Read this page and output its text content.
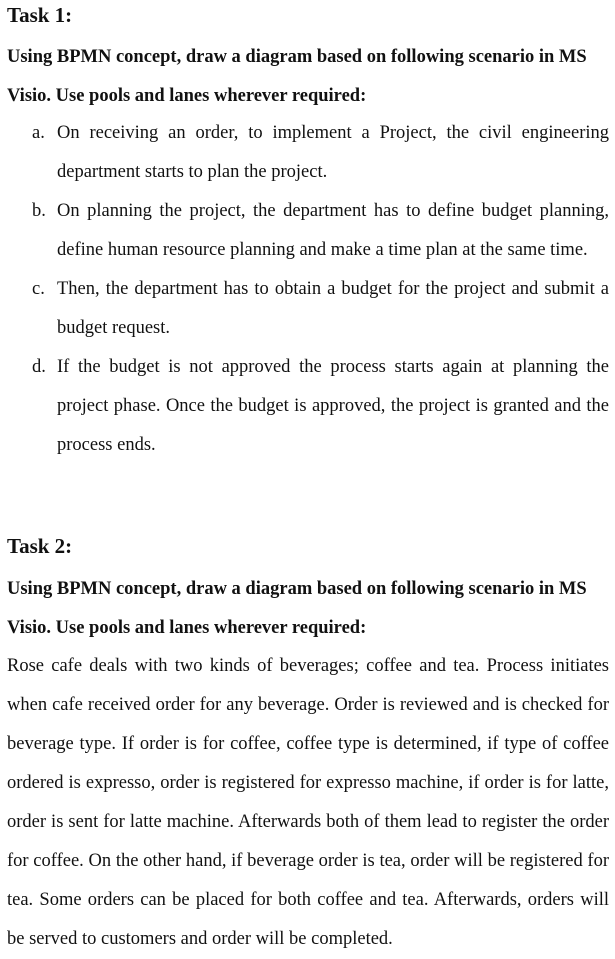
Task 1:

Using BPMN concept, draw a diagram based on following scenario in MS Visio. Use pools and lanes wherever required:

a. On receiving an order, to implement a Project, the civil engineering department starts to plan the project.
b. On planning the project, the department has to define budget planning, define human resource planning and make a time plan at the same time.
c. Then, the department has to obtain a budget for the project and submit a budget request.
d. If the budget is not approved the process starts again at planning the project phase. Once the budget is approved, the project is granted and the process ends.
Task 2:

Using BPMN concept, draw a diagram based on following scenario in MS Visio. Use pools and lanes wherever required:

Rose cafe deals with two kinds of beverages; coffee and tea. Process initiates when cafe received order for any beverage. Order is reviewed and is checked for beverage type. If order is for coffee, coffee type is determined, if type of coffee ordered is expresso, order is registered for expresso machine, if order is for latte, order is sent for latte machine. Afterwards both of them lead to register the order for coffee. On the other hand, if beverage order is tea, order will be registered for tea. Some orders can be placed for both coffee and tea. Afterwards, orders will be served to customers and order will be completed.
